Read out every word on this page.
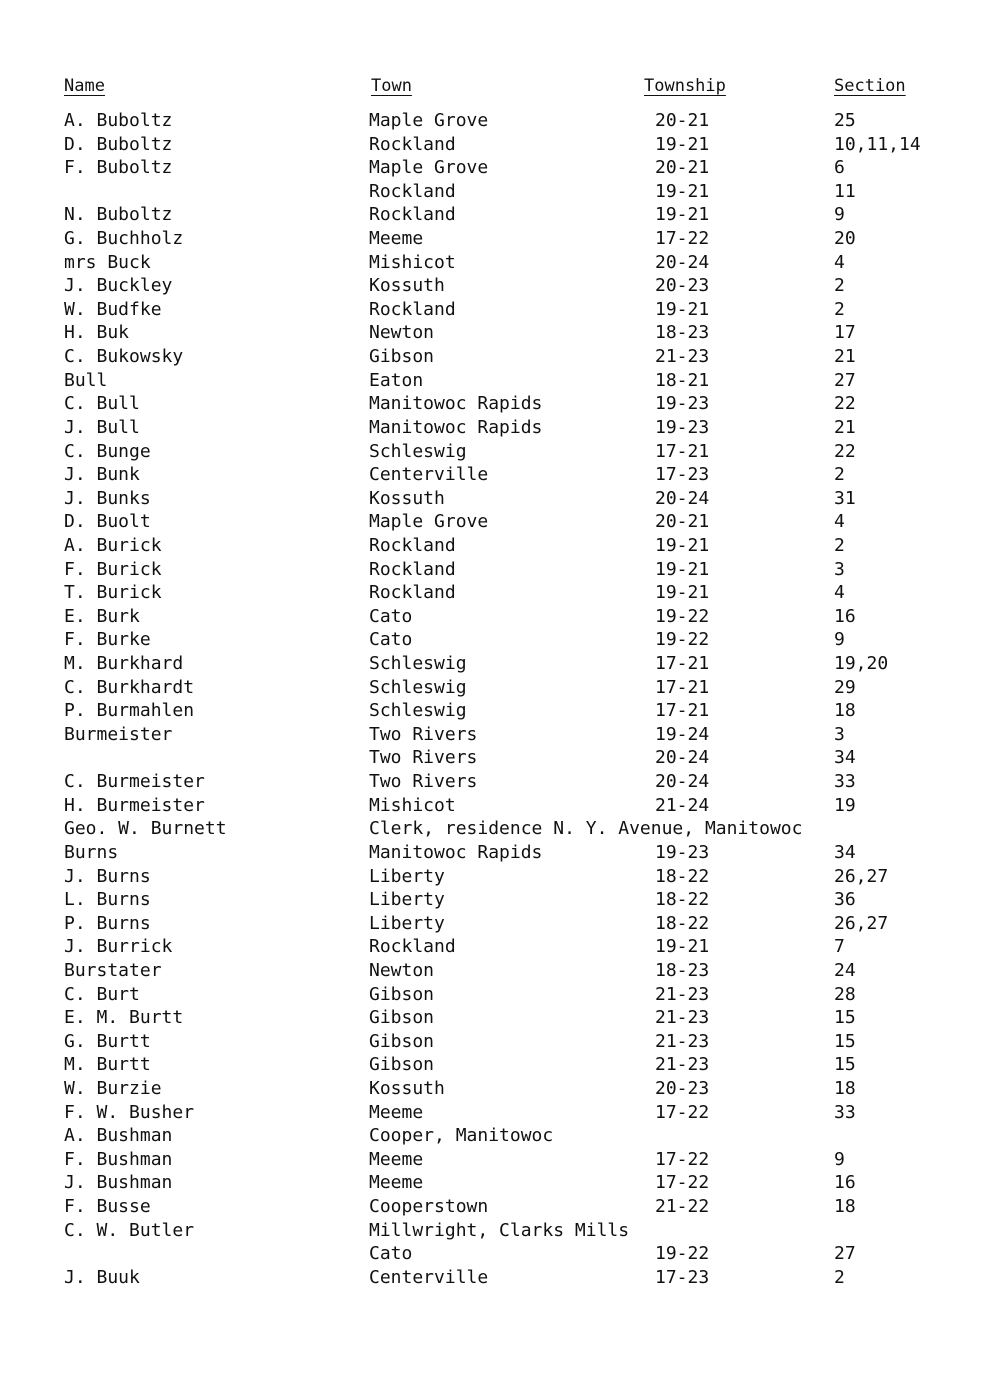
Name	Town	Township	Section
A. Buboltz	Maple Grove	20-21	25
D. Buboltz	Rockland	19-21	10,11,14
F. Buboltz	Maple Grove	20-21	6
Rockland	19-21	11
N. Buboltz	Rockland	19-21	9
G. Buchholz	Meeme	17-22	20
mrs Buck	Mishicot	20-24	4
J. Buckley	Kossuth	20-23	2
W. Budfke	Rockland	19-21	2
H. Buk	Newton	18-23	17
C. Bukowsky	Gibson	21-23	21
Bull	Eaton	18-21	27
C. Bull	Manitowoc Rapids	19-23	22
J. Bull	Manitowoc Rapids	19-23	21
C. Bunge	Schleswig	17-21	22
J. Bunk	Centerville	17-23	2
J. Bunks	Kossuth	20-24	31
D. Buolt	Maple Grove	20-21	4
A. Burick	Rockland	19-21	2
F. Burick	Rockland	19-21	3
T. Burick	Rockland	19-21	4
E. Burk	Cato	19-22	16
F. Burke	Cato	19-22	9
M. Burkhard	Schleswig	17-21	19,20
C. Burkhardt	Schleswig	17-21	29
P. Burmahlen	Schleswig	17-21	18
Burmeister	Two Rivers	19-24	3
Two Rivers	20-24	34
C. Burmeister	Two Rivers	20-24	33
H. Burmeister	Mishicot	21-24	19
Geo. W. Burnett	Clerk, residence N. Y. Avenue, Manitowoc
Burns	Manitowoc Rapids	19-23	34
J. Burns	Liberty	18-22	26,27
L. Burns	Liberty	18-22	36
P. Burns	Liberty	18-22	26,27
J. Burrick	Rockland	19-21	7
Burstater	Newton	18-23	24
C. Burt	Gibson	21-23	28
E. M. Burtt	Gibson	21-23	15
G. Burtt	Gibson	21-23	15
M. Burtt	Gibson	21-23	15
W. Burzie	Kossuth	20-23	18
F. W. Busher	Meeme	17-22	33
A. Bushman	Cooper, Manitowoc
F. Bushman	Meeme	17-22	9
J. Bushman	Meeme	17-22	16
F. Busse	Cooperstown	21-22	18
C. W. Butler	Millwright, Clarks Mills
Cato	19-22	27
J. Buuk	Centerville	17-23	2
